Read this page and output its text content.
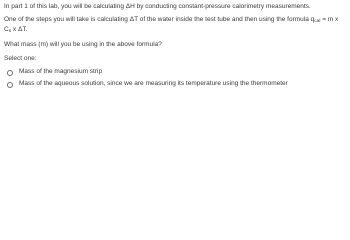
In part 1 of this lab, you will be calculating ΔH by conducting constant-pressure calorimetry measurements.

One of the steps you will take is calculating ΔT of the water inside the test tube and then using the formula $q_{cal} = m$ x $C_s$ x ΔT.

What mass (m) will you be using in the above formula?

Select one:
Mass of the magnesium strip
Mass of the aqueous solution, since we are measuring its temperature using the thermometer
